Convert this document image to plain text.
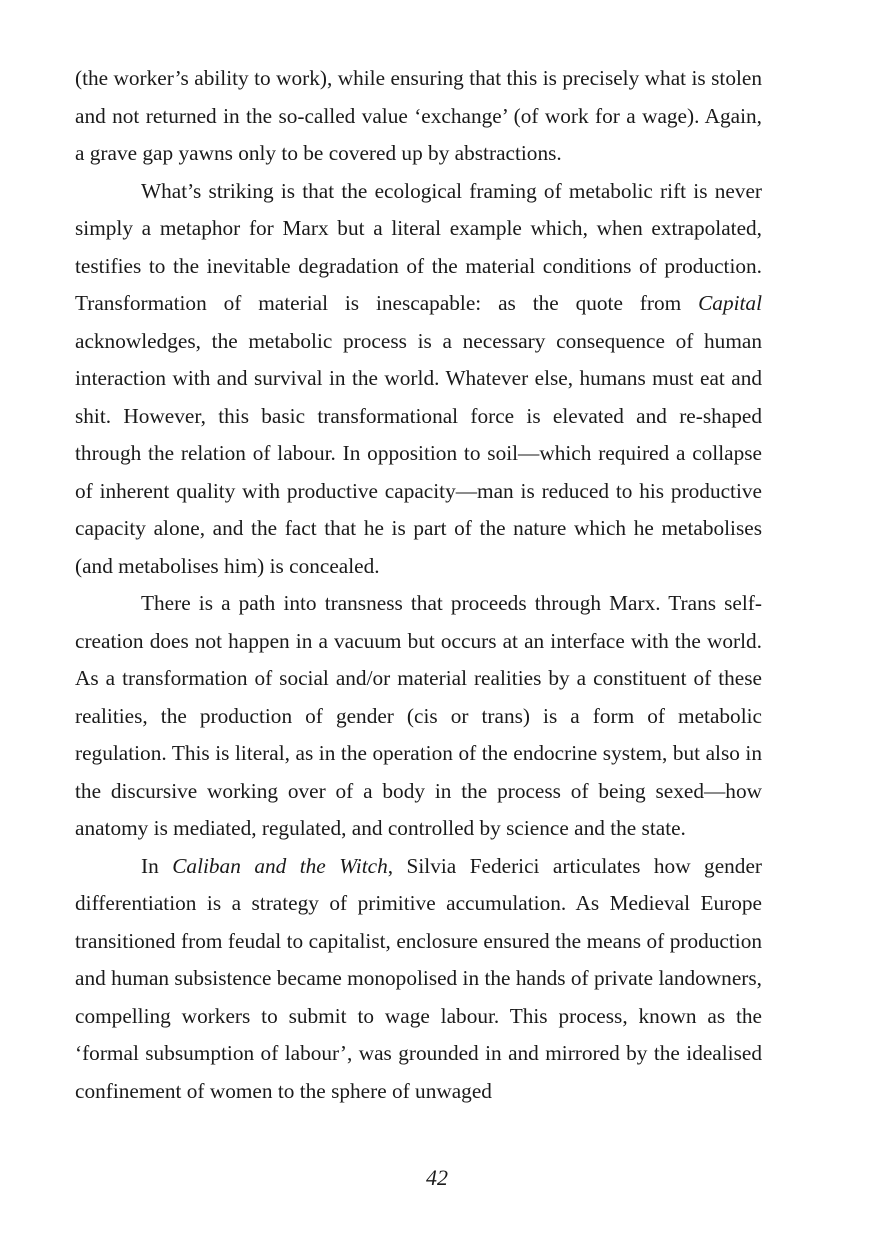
(the worker’s ability to work), while ensuring that this is precisely what is stolen and not returned in the so-called value ‘exchange’ (of work for a wage). Again, a grave gap yawns only to be covered up by abstractions.

What’s striking is that the ecological framing of metabolic rift is never simply a metaphor for Marx but a literal example which, when extrapolated, testifies to the inevitable degradation of the material conditions of production. Transformation of material is inescapable: as the quote from Capital acknowledges, the metabolic process is a necessary consequence of human interaction with and survival in the world. Whatever else, humans must eat and shit. However, this basic transformational force is elevated and re-shaped through the relation of labour. In opposition to soil—which required a collapse of inherent quality with productive capacity—man is reduced to his productive capacity alone, and the fact that he is part of the nature which he metabolises (and metabolises him) is concealed.

There is a path into transness that proceeds through Marx. Trans self-creation does not happen in a vacuum but occurs at an interface with the world. As a transformation of social and/or material realities by a constituent of these realities, the production of gender (cis or trans) is a form of metabolic regulation. This is literal, as in the operation of the endocrine system, but also in the discursive working over of a body in the process of being sexed—how anatomy is mediated, regulated, and controlled by science and the state.

In Caliban and the Witch, Silvia Federici articulates how gender differentiation is a strategy of primitive accumulation. As Medieval Europe transitioned from feudal to capitalist, enclosure ensured the means of production and human subsistence became monopolised in the hands of private landowners, compelling workers to submit to wage labour. This process, known as the ‘formal subsumption of labour’, was grounded in and mirrored by the idealised confinement of women to the sphere of unwaged

42
